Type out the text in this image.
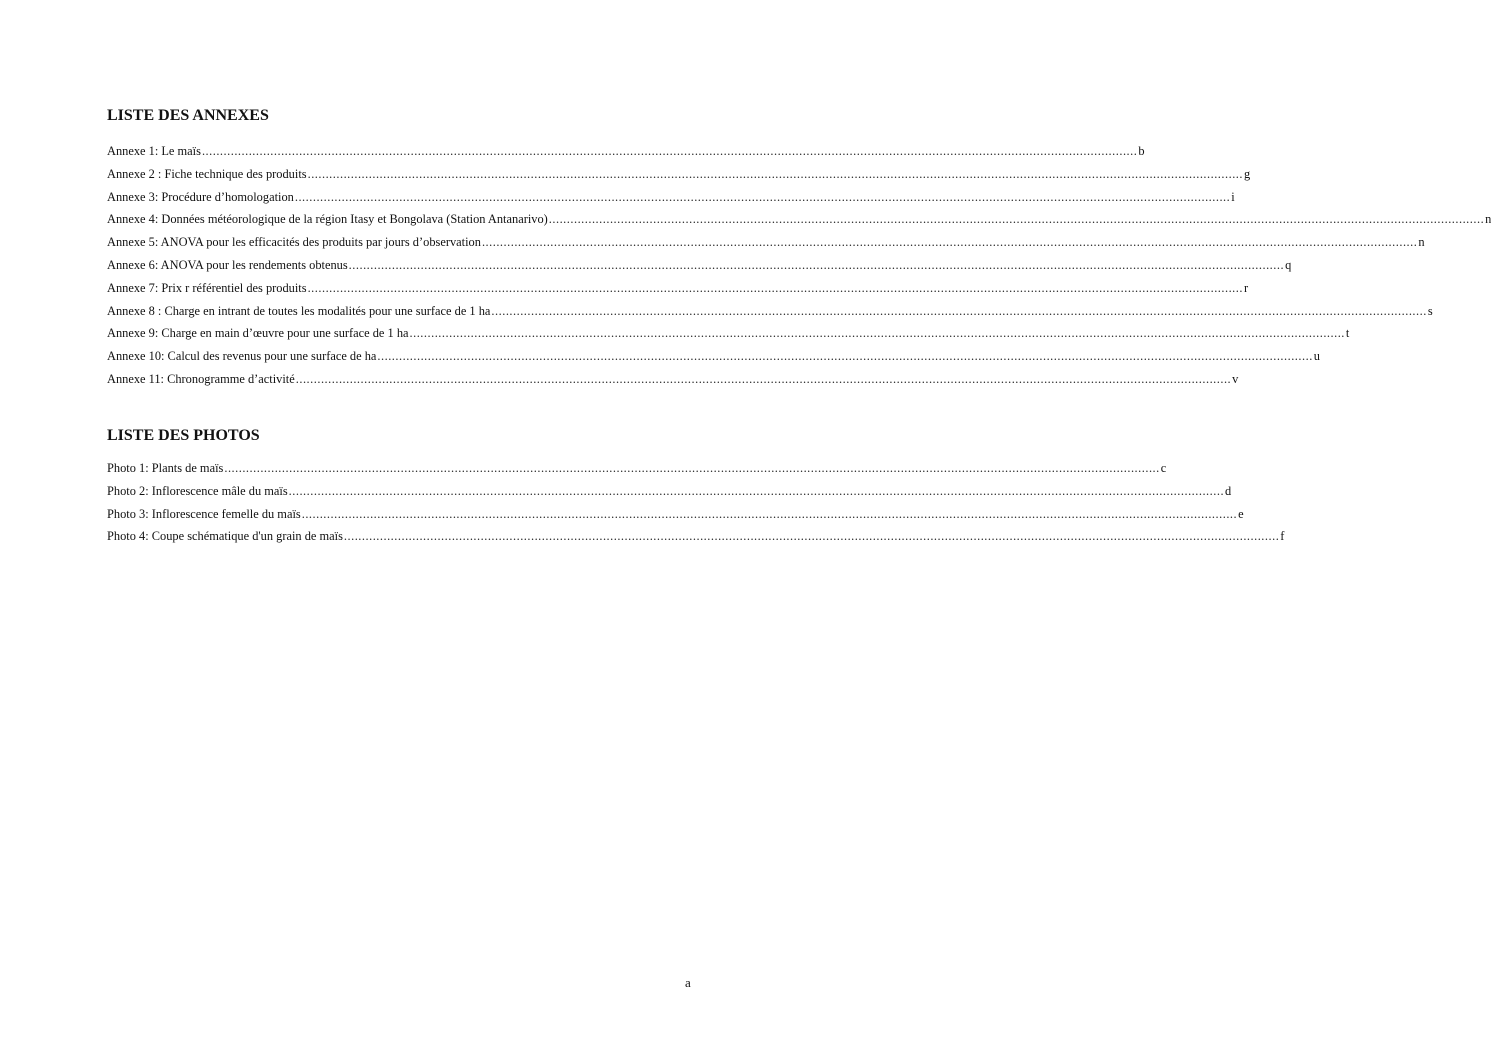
LISTE DES ANNEXES
Annexe 1: Le maïs .................................................................................................................................................................................................................................................................... b
Annexe 2 : Fiche technique des produits .................................................................................................................................................................................................................................................................... g
Annexe 3: Procédure d’homologation .................................................................................................................................................................................................................................................................... i
Annexe 4: Données météorologique de la région Itasy et Bongolava (Station Antanarivo) .................................................................................................................................................................................................................................................................... n
Annexe 5: ANOVA pour les efficacités des produits par jours d’observation .................................................................................................................................................................................................................................................................... n
Annexe 6: ANOVA pour les rendements obtenus .................................................................................................................................................................................................................................................................... q
Annexe 7: Prix r référentiel des produits .................................................................................................................................................................................................................................................................... r
Annexe 8 : Charge en intrant de toutes les modalités pour une surface de 1 ha .................................................................................................................................................................................................................................................................... s
Annexe 9: Charge en main d’œuvre pour une surface de 1 ha .................................................................................................................................................................................................................................................................... t
Annexe 10: Calcul des revenus pour une surface de ha .................................................................................................................................................................................................................................................................... u
Annexe 11: Chronogramme d’activité .................................................................................................................................................................................................................................................................... v
LISTE DES PHOTOS
Photo 1: Plants de maïs .................................................................................................................................................................................................................................................................... c
Photo 2: Inflorescence mâle du maïs .................................................................................................................................................................................................................................................................... d
Photo 3: Inflorescence femelle du maïs .................................................................................................................................................................................................................................................................... e
Photo 4: Coupe schématique d'un grain de maïs .................................................................................................................................................................................................................................................................... f
a
